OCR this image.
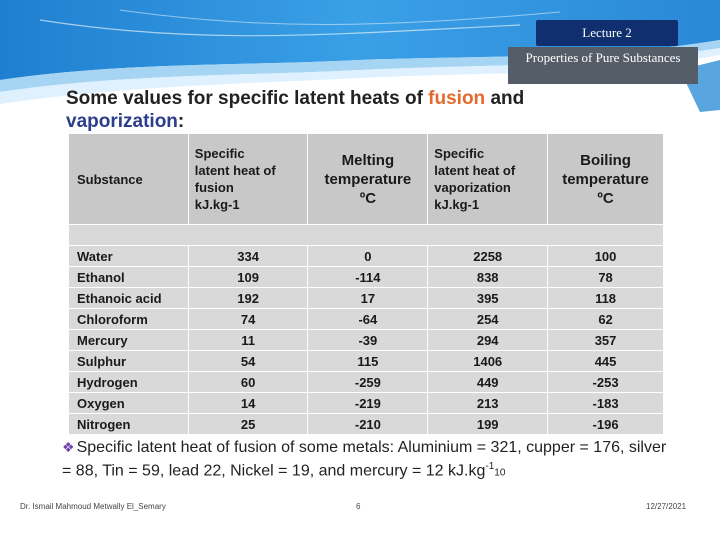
Lecture 2
Properties of Pure Substances
Some values for specific latent heats of fusion and
vaporization:
Substance	Specific
latent heat of
fusion
kJ.kg-1	Melting
temperature
ºC	Specific
latent heat of
vaporization
kJ.kg-1	Boiling
temperature
ºC

Water	334	0	2258	100
Ethanol	109	-114	838	78
Ethanoic acid	192	17	395	118
Chloroform	74	-64	254	62
Mercury	11	-39	294	357
Sulphur	54	115	1406	445
Hydrogen	60	-259	449	-253
Oxygen	14	-219	213	-183
Nitrogen	25	-210	199	-196
❖ Specific latent heat of fusion of some metals: Aluminium = 321, cupper = 176, silver = 88, Tin = 59, lead 22, Nickel = 19, and mercury = 12 $kJ.kg^{-1}10$
Dr. Ismail Mahmoud Metwally El_Semary	6	12/27/2021
